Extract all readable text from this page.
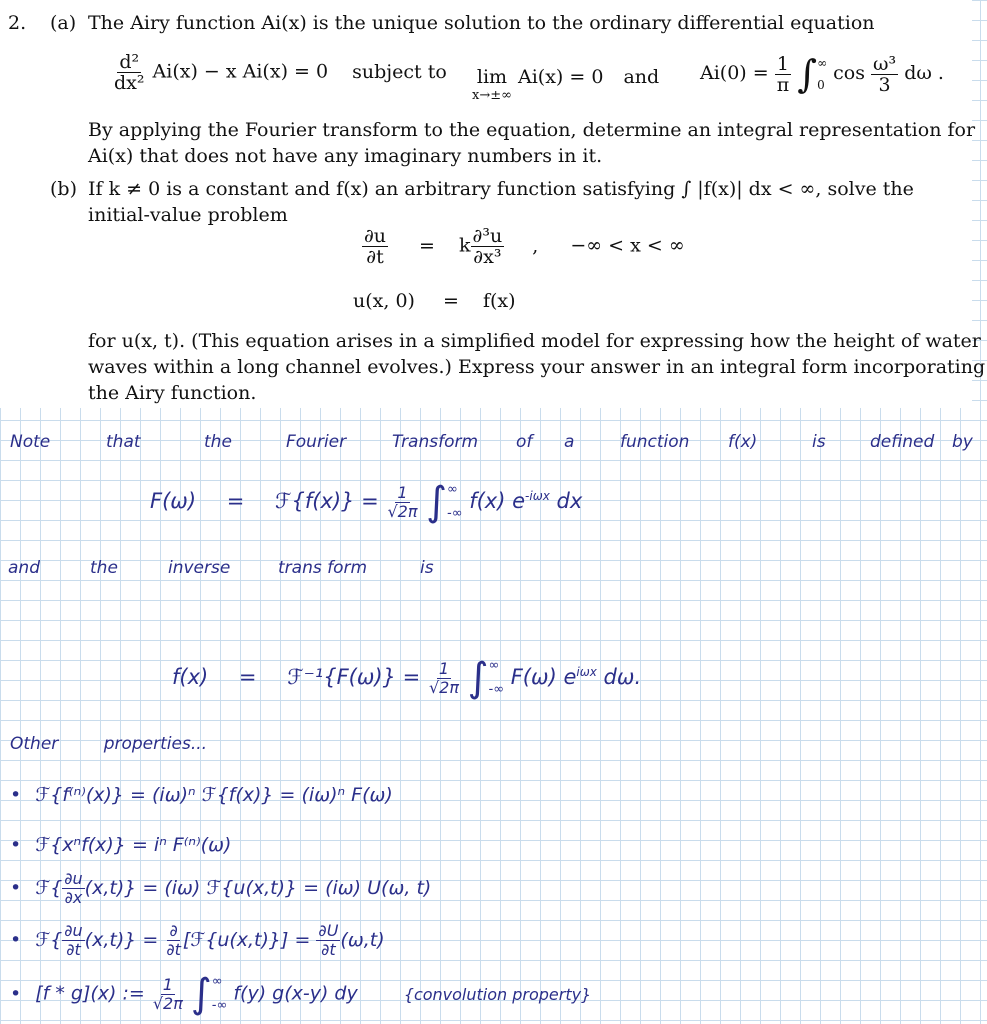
2. (a) The Airy function Ai(x) is the unique solution to the ordinary differential equation
$\frac{\text{d²}}{\text{dx²}} Ai(x) - x$ Ai(x) = 0 subject to lim
x→±∞
Ai(x) = 0 and $Ai(0) = \frac{1}{\pi}$ ∫ ∞
0
$\cos \frac{\text{ω³}}{3}$ dω .
By applying the Fourier transform to the equation, determine an integral representation for
Ai(x) that does not have any imaginary numbers in it.
(b) If k ≠ 0 is a constant and f(x) an arbitrary function satisfying ∫ |f(x)| dx < ∞, solve the
initial-value problem
$\frac{\partial u}{\partial t} = k \frac{\text{∂³u}}{\text{∂x³}}$ , −∞ < x < ∞
u(x, 0) = f(x)
for u(x, t). (This equation arises in a simplified model for expressing how the height of water
waves within a long channel evolves.) Express your answer in an integral form incorporating
the Airy function.
Note	that	the	Fourier	Transform of a	function f(x)	is	defined by
F(ω) = ℱ{f(x)} = $\frac{1}{√2\pi}$ ∫ ∞
-∞
f(x) $e^{-i\omega x}$ dx
and	the	inverse	trans form	is
f(x) = ℱ⁻¹{F(ω)} = $\frac{1}{√2\pi}$ ∫ ∞
-∞
F(ω) $e^{i\omega x}$ dω.
Other	properties...
• ℱ{f⁽ⁿ⁾(x)} = (iω)ⁿ ℱ{f(x)} = (iω)ⁿ F(ω)
• ℱ{xⁿf(x)} = iⁿ F⁽ⁿ⁾(ω)
• ℱ{ $\frac{\partial u}{\partial x} (x,t)\} = (i\omega)$ ℱ{u(x,t)} = (iω) U(ω, t)
• ℱ{ $\frac{\partial u}{\partial t} (x,t)$} = ∂
∂t [ℱ{u(x,t)}] = $\frac{\partial U}{\partial t} (\omega,t)$
• [f * g](x) := $\frac{1}{√2\pi}$ ∫ ∞
-∞
f(y) g(x-y) dy	{convolution property}
